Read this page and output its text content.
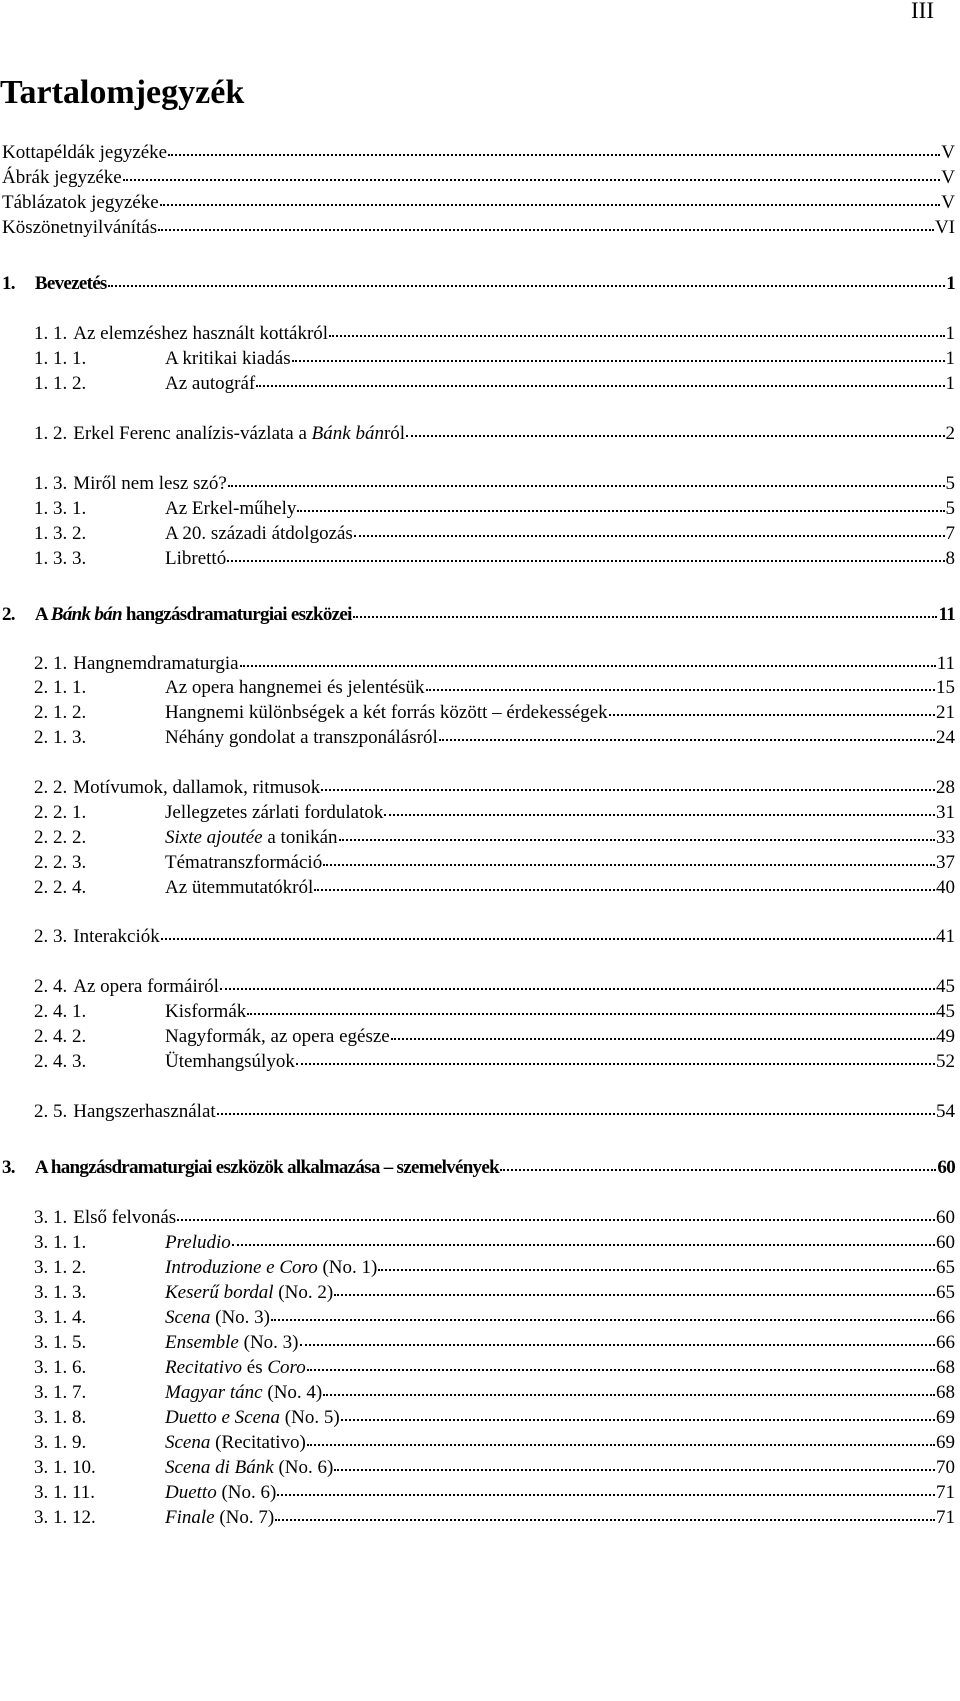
III
Tartalomjegyzék
Kottapéldák jegyzéke	V
Ábrák jegyzéke	V
Táblázatok jegyzéke	V
Köszönetnyilvánítás	VI
1. Bevezetés	1
1. 1. Az elemzéshez használt kottákról	1
1. 1. 1.	A kritikai kiadás	1
1. 1. 2.	Az autográf	1
1. 2. Erkel Ferenc analízis-vázlata a Bánk bánról	2
1. 3. Miről nem lesz szó?	5
1. 3. 1.	Az Erkel-műhely	5
1. 3. 2.	A 20. századi átdolgozás	7
1. 3. 3.	Librettó	8
2. A Bánk bán hangzásdramaturgiai eszközei	11
2. 1. Hangnemdramaturgia	11
2. 1. 1.	Az opera hangnemei és jelentésük	15
2. 1. 2.	Hangnemi különbségek a két forrás között – érdekességek	21
2. 1. 3.	Néhány gondolat a transzponálásról	24
2. 2. Motívumok, dallamok, ritmusok	28
2. 2. 1.	Jellegzetes zárlati fordulatok	31
2. 2. 2.	Sixte ajoutée a tonikán	33
2. 2. 3.	Tématranszformáció	37
2. 2. 4.	Az ütemmutatókról	40
2. 3. Interakciók	41
2. 4. Az opera formáiról	45
2. 4. 1.	Kisformák	45
2. 4. 2.	Nagyformák, az opera egésze	49
2. 4. 3.	Ütemhangsúlyok	52
2. 5. Hangszerhasználat	54
3. A hangzásdramaturgiai eszközök alkalmazása – szemelvények	60
3. 1. Első felvonás	60
3. 1. 1.	Preludio	60
3. 1. 2.	Introduzione e Coro (No. 1)	65
3. 1. 3.	Keserű bordal (No. 2)	65
3. 1. 4.	Scena (No. 3)	66
3. 1. 5.	Ensemble (No. 3)	66
3. 1. 6.	Recitativo és Coro	68
3. 1. 7.	Magyar tánc (No. 4)	68
3. 1. 8.	Duetto e Scena (No. 5)	69
3. 1. 9.	Scena (Recitativo)	69
3. 1. 10.	Scena di Bánk (No. 6)	70
3. 1. 11.	Duetto (No. 6)	71
3. 1. 12.	Finale (No. 7)	71
